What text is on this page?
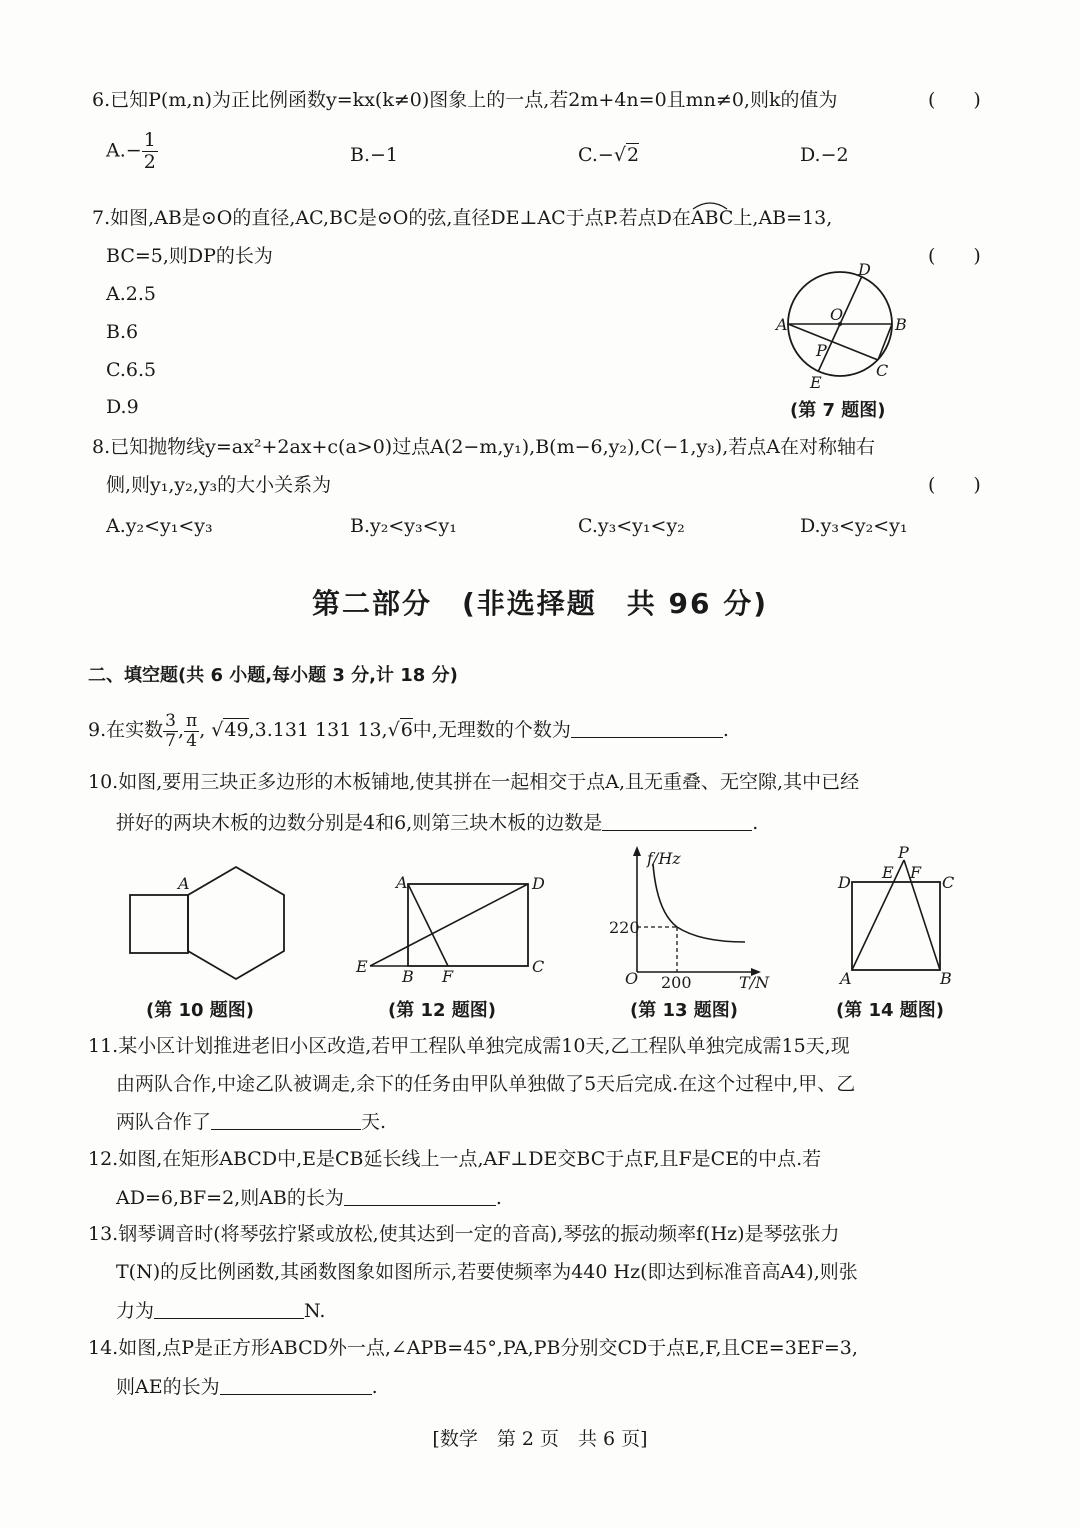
6.已知P(m,n)为正比例函数y=kx(k≠0)图象上的一点,若2m+4n=0且mn≠0,则k的值为	(　　)
$A.- \frac{1}{2}$	B.−1	C.−√2	D.−2
7.如图,AB是⊙O的直径,AC,BC是⊙O的弦,直径DE⊥AC于点P.若点D在
ABC上,AB=13,
BC=5,则DP的长为	(　　)
A.2.5
B.6
C.6.5
D.9
D
O
A	B
P
E
C
(第 7 题图)
8.已知抛物线y=ax²+2ax+c(a>0)过点A(2−m,y₁),B(m−6,y₂),C(−1,y₃),若点A在对称轴右
侧,则y₁,y₂,y₃的大小关系为	(　　)
A.y₂<y₁<y₃	B.y₂<y₃<y₁	C.y₃<y₁<y₂	D.y₃<y₂<y₁
第二部分　(非选择题　共 96 分)
二、填空题(共 6 小题,每小题 3 分,计 18 分)
9.在实数 $\frac{3}{7}$ , $\frac{\pi}{4}$ , √49,3.131 131 13,√6中,无理数的个数为	.
10.如图,要用三块正多边形的木板铺地,使其拼在一起相交于点A,且无重叠、无空隙,其中已经
拼好的两块木板的边数分别是4和6,则第三块木板的边数是	.
A
(第 10 题图)
A	D
E
B F
C
(第 12 题图)
f/Hz
220
O 200	T/N
(第 13 题图)
P
E F
D	C
A	B
(第 14 题图)
11.某小区计划推进老旧小区改造,若甲工程队单独完成需10天,乙工程队单独完成需15天,现
由两队合作,中途乙队被调走,余下的任务由甲队单独做了5天后完成.在这个过程中,甲、乙
两队合作了	天.
12.如图,在矩形ABCD中,E是CB延长线上一点,AF⊥DE交BC于点F,且F是CE的中点.若
AD=6,BF=2,则AB的长为	.
13.钢琴调音时(将琴弦拧紧或放松,使其达到一定的音高),琴弦的振动频率f(Hz)是琴弦张力
T(N)的反比例函数,其函数图象如图所示,若要使频率为440 Hz(即达到标准音高A4),则张
力为	N.
14.如图,点P是正方形ABCD外一点,∠APB=45°,PA,PB分别交CD于点E,F,且CE=3EF=3,
则AE的长为	.
[数学　第 2 页　共 6 页]
